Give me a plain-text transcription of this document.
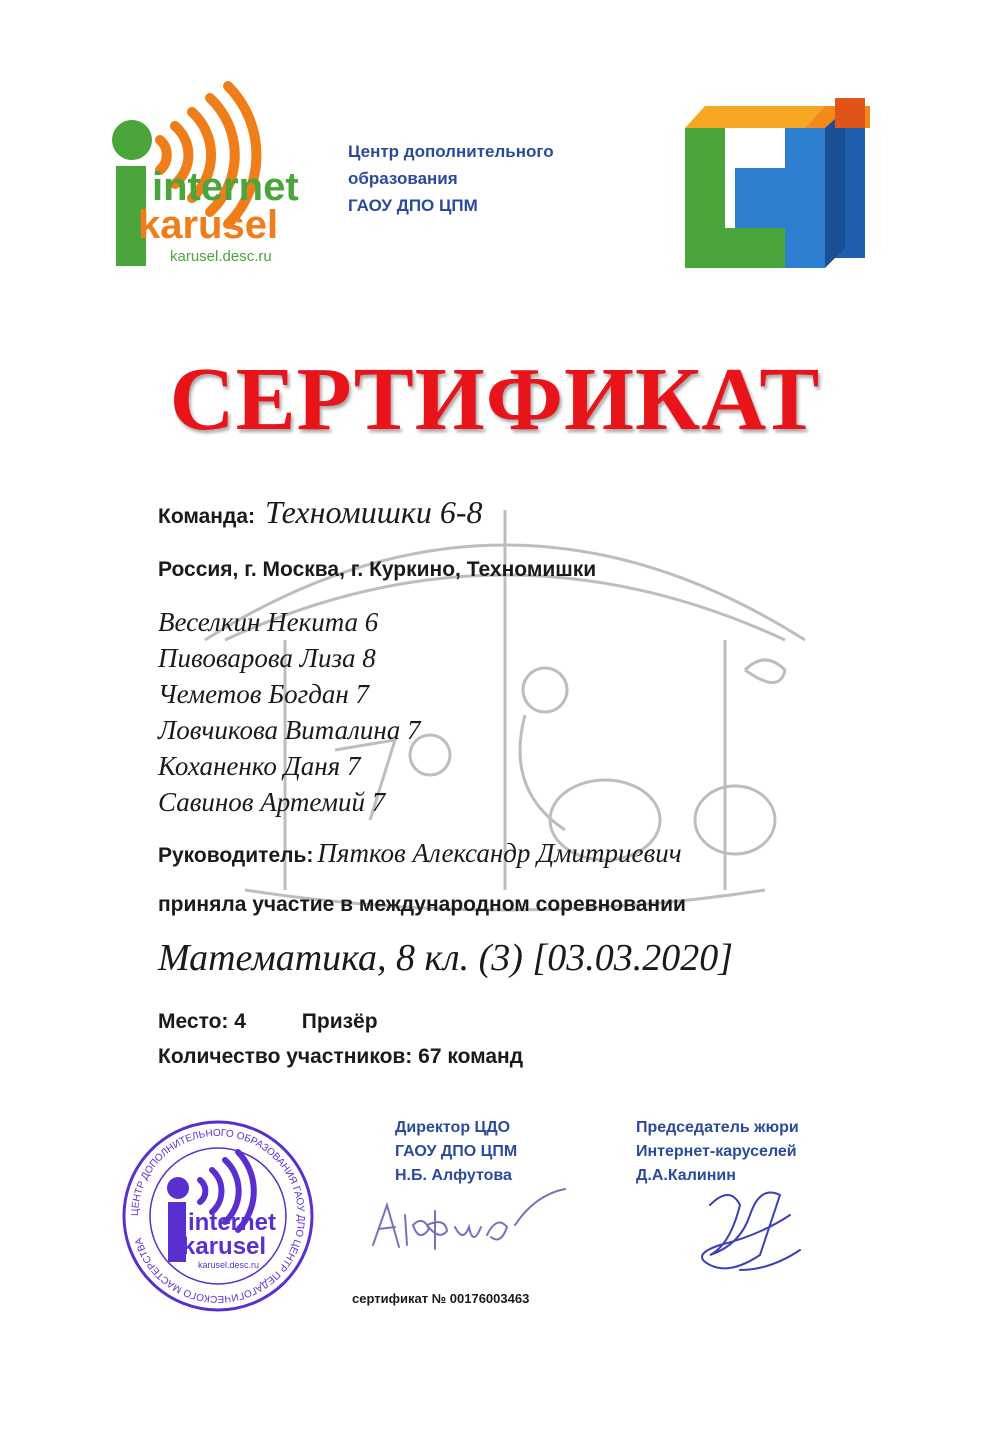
internet
karusel
karusel.desc.ru
Центр дополнительного
образования
ГАОУ ДПО ЦПМ
СЕРТИФИКАТ
Команда: Техномишки 6-8
Россия, г. Москва, г. Куркино, Техномишки
Веселкин Некита 6
Пивоварова Лиза 8
Чеметов Богдан 7
Ловчикова Виталина 7
Коханенко Даня 7
Савинов Артемий 7
Руководитель: Пятков Александр Дмитриевич
приняла участие в международном соревновании
Математика, 8 кл. (3) [03.03.2020]
Место: 4	Призёр
Количество участников: 67 команд
ЦЕНТР ДОПОЛНИТЕЛЬНОГО ОБРАЗОВАНИЯ ГАОУ ДПО ЦЕНТР ПЕДАГОГИЧЕСКОГО МАСТЕРСТВА
internet
karusel
karusel.desc.ru
Директор ЦДО
ГАОУ ДПО ЦПМ
Н.Б. Алфутова
Председатель жюри
Интернет-каруселей
Д.А.Калинин
сертификат № 00176003463
